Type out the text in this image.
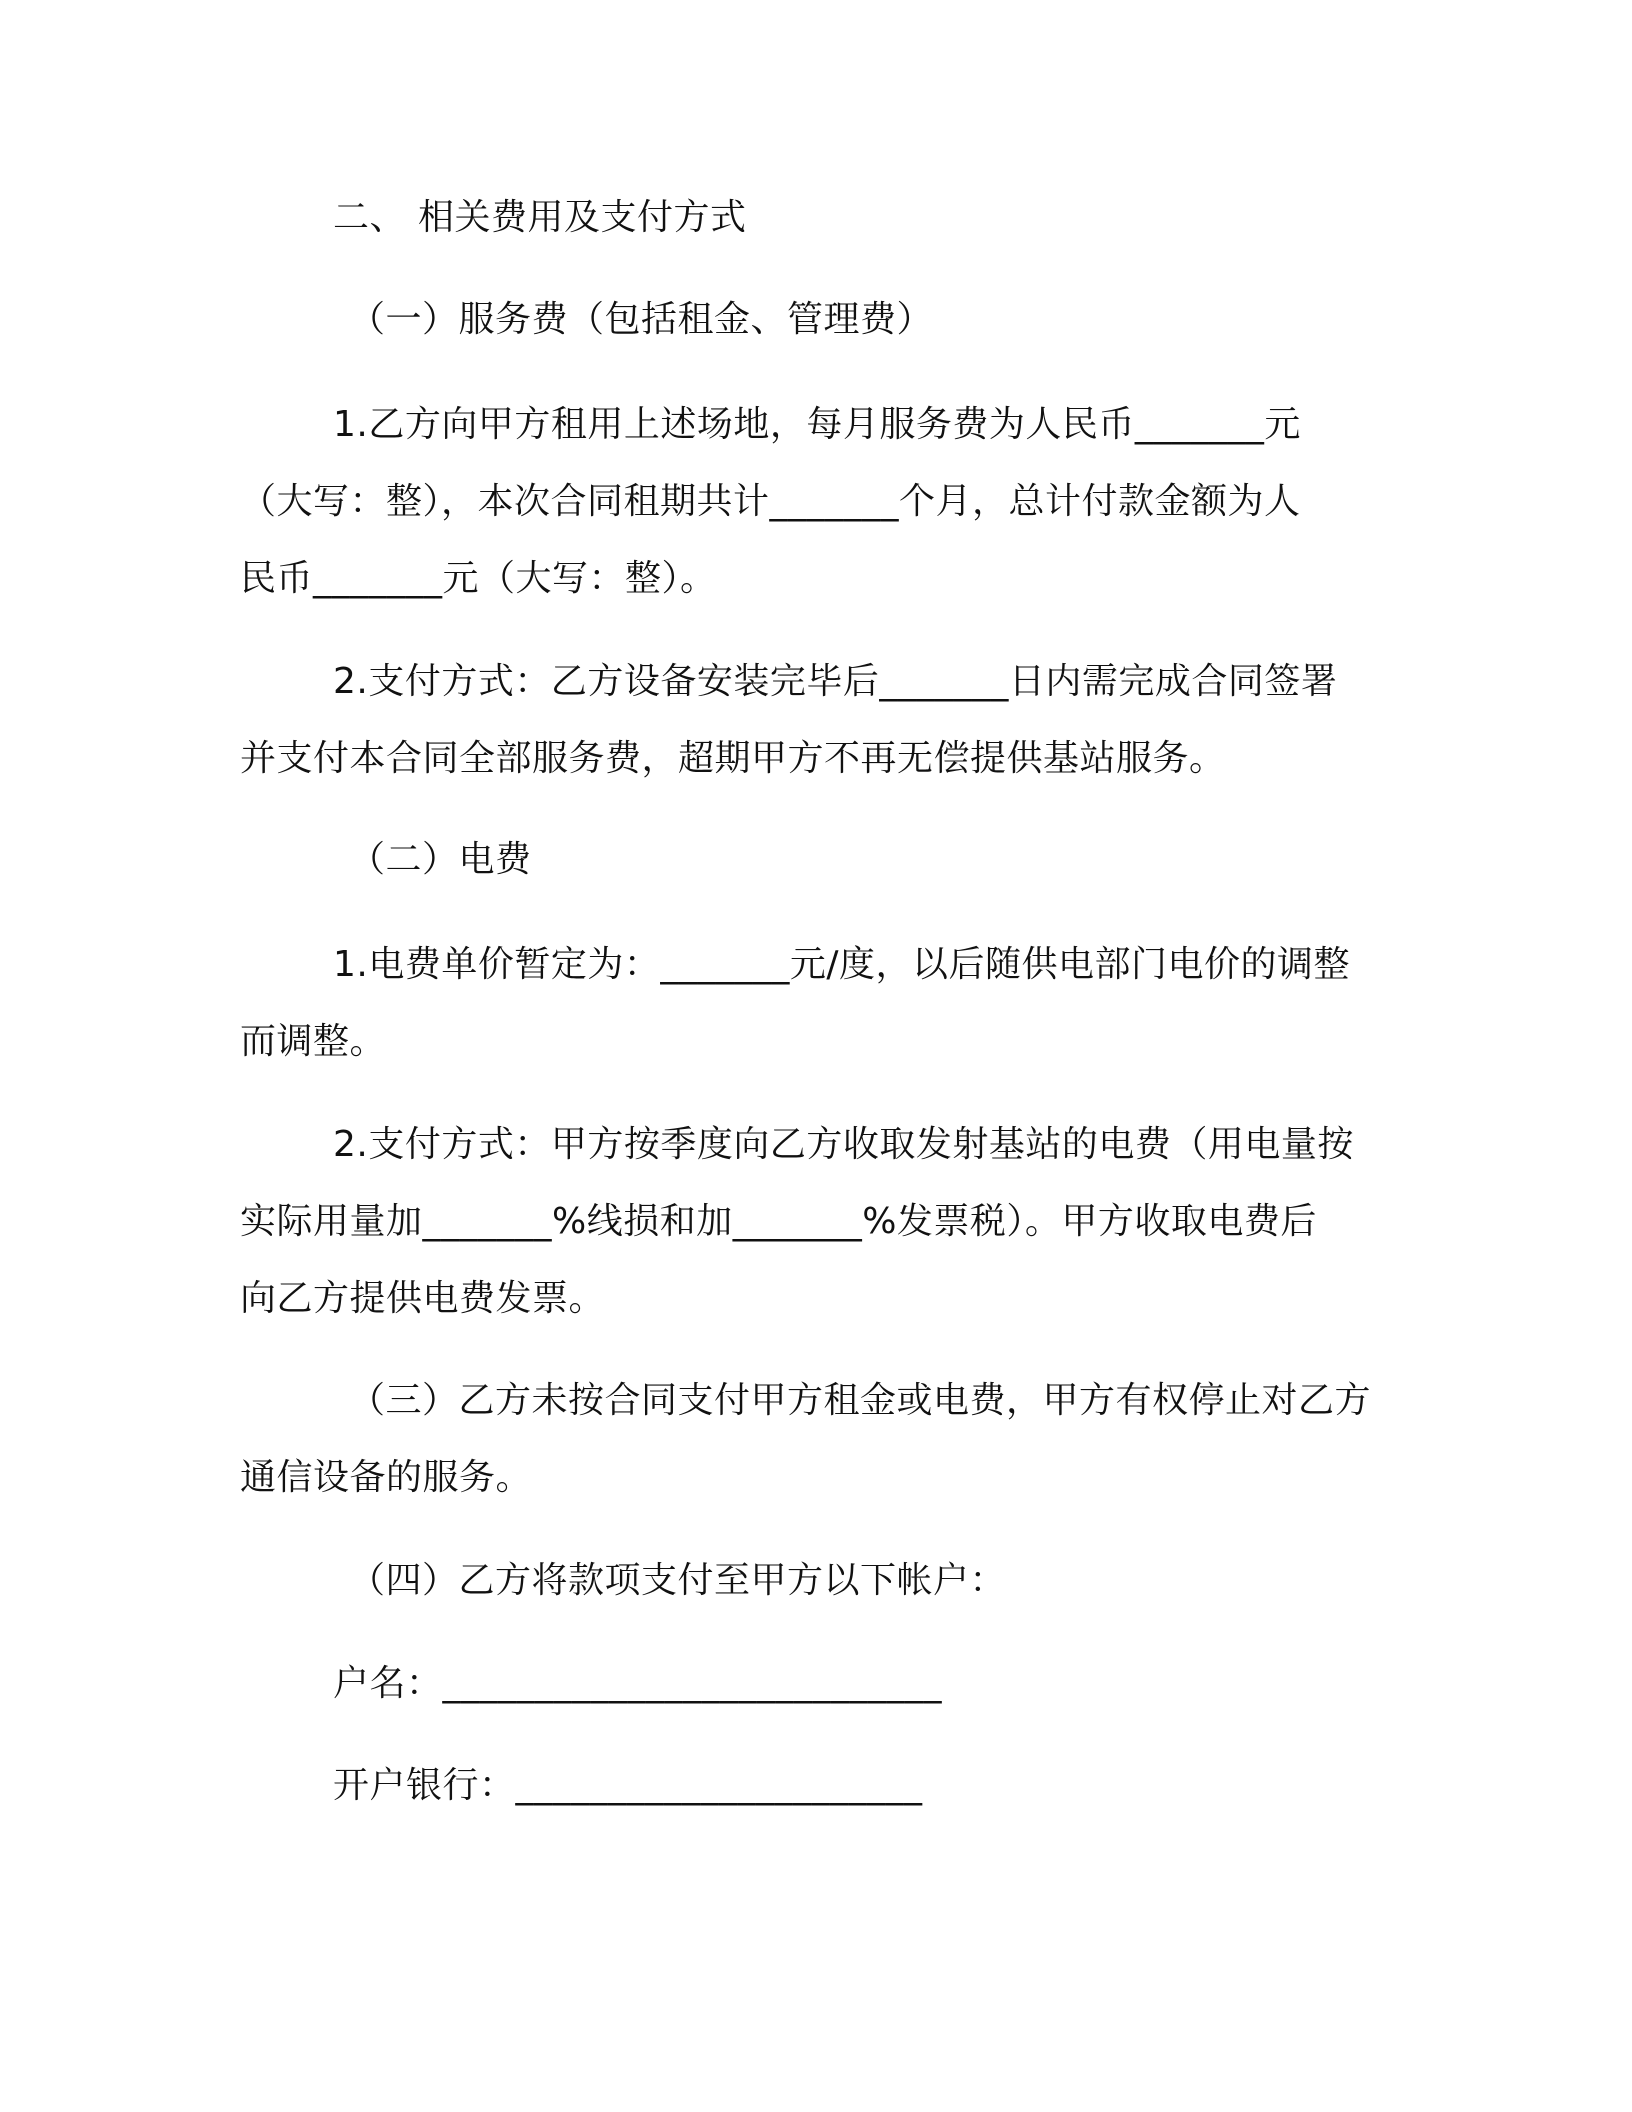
二、 相关费用及支付方式

（一）服务费（包括租金、管理费）

1.乙方向甲方租用上述场地，每月服务费为人民币_______元

（大写：整），本次合同租期共计_______个月，总计付款金额为人

民币_______元（大写：整）。

2.支付方式：乙方设备安装完毕后_______日内需完成合同签署

并支付本合同全部服务费，超期甲方不再无偿提供基站服务。

（二）电费

1.电费单价暂定为：_______元/度，以后随供电部门电价的调整

而调整。

2.支付方式：甲方按季度向乙方收取发射基站的电费（用电量按

实际用量加_______%线损和加_______%发票税）。甲方收取电费后

向乙方提供电费发票。

（三）乙方未按合同支付甲方租金或电费，甲方有权停止对乙方

通信设备的服务。

（四）乙方将款项支付至甲方以下帐户：

户名：___________________________

开户银行：______________________
